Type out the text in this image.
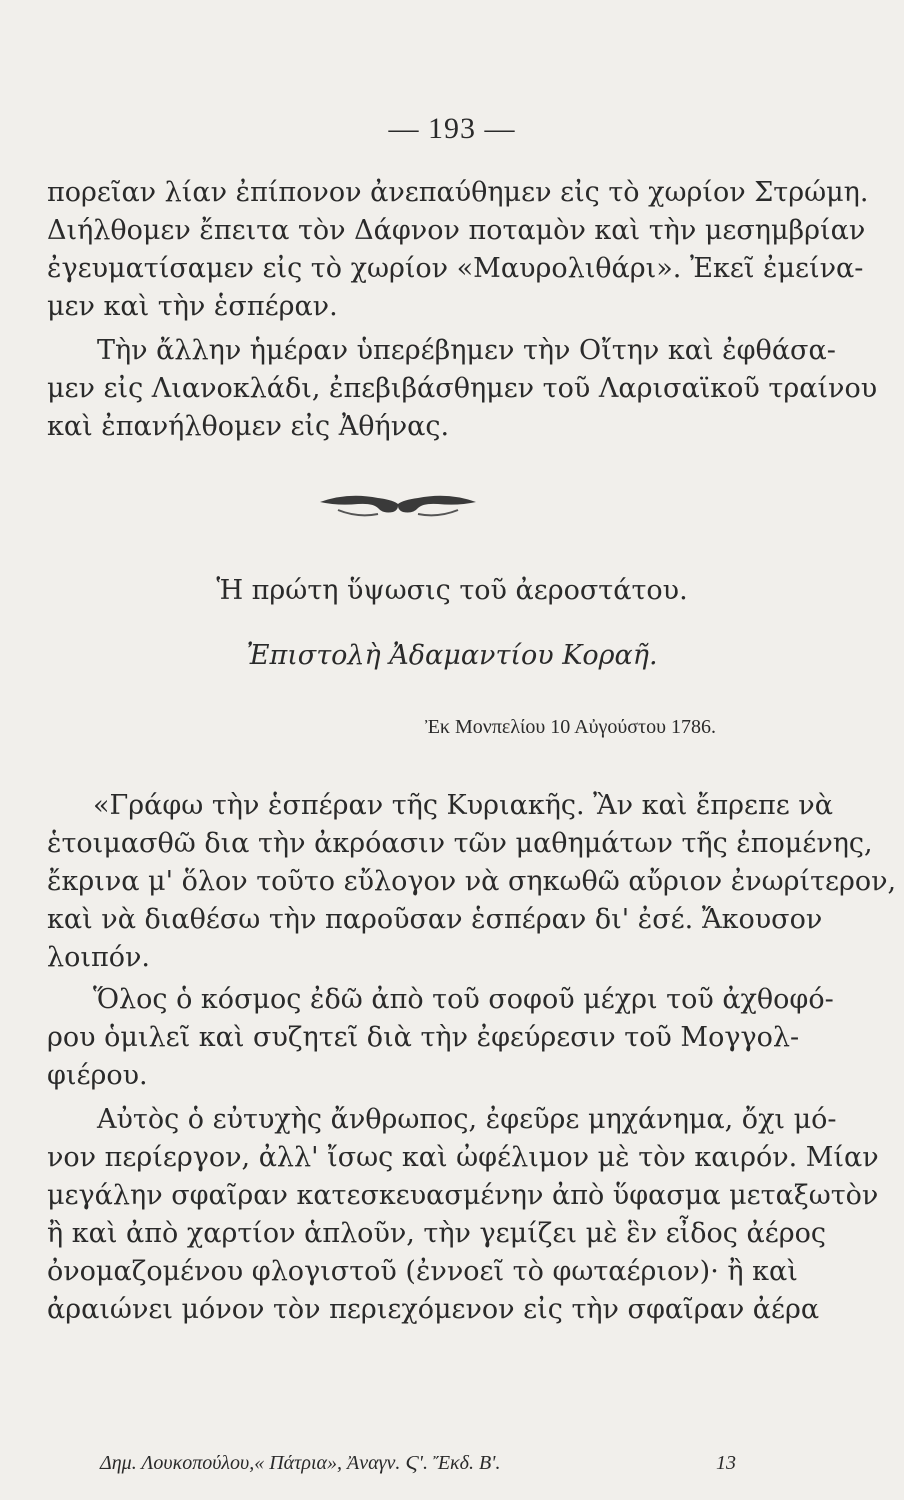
— 193 —
πορεῖαν λίαν ἐπίπονον ἀνεπαύθημεν εἰς τὸ χωρίον Στρώμη.
Διήλθομεν ἔπειτα τὸν Δάφνον ποταμὸν καὶ τὴν μεσημβρίαν
ἐγευματίσαμεν εἰς τὸ χωρίον «Μαυρολιθάρι». Ἐκεῖ ἐμείνα-
μεν καὶ τὴν ἑσπέραν.
Τὴν ἄλλην ἡμέραν ὑπερέβημεν τὴν Οἴτην καὶ ἐφθάσα-
μεν εἰς Λιανοκλάδι, ἐπεβιβάσθημεν τοῦ Λαρισαϊκοῦ τραίνου
καὶ ἐπανήλθομεν εἰς Ἀθήνας.
Ἡ πρώτη ὕψωσις τοῦ ἀεροστάτου.
Ἐπιστολὴ Ἀδαμαντίου Κοραῆ.
Ἐκ Μονπελίου 10 Αὐγούστου 1786.
«Γράφω τὴν ἑσπέραν τῆς Κυριακῆς. Ἂν καὶ ἔπρεπε νὰ
ἑτοιμασθῶ δια τὴν ἀκρόασιν τῶν μαθημάτων τῆς ἐπομένης,
ἔκρινα μ' ὅλον τοῦτο εὔλογον νὰ σηκωθῶ αὔριον ἐνωρίτερον,
καὶ νὰ διαθέσω τὴν παροῦσαν ἑσπέραν δι' ἐσέ. Ἄκουσον
λοιπόν.
Ὅλος ὁ κόσμος ἐδῶ ἀπὸ τοῦ σοφοῦ μέχρι τοῦ ἀχθοφό-
ρου ὁμιλεῖ καὶ συζητεῖ διὰ τὴν ἐφεύρεσιν τοῦ Μογγολ-
φιέρου.
Αὐτὸς ὁ εὐτυχὴς ἄνθρωπος, ἐφεῦρε μηχάνημα, ὄχι μό-
νον περίεργον, ἀλλ' ἴσως καὶ ὠφέλιμον μὲ τὸν καιρόν. Μίαν
μεγάλην σφαῖραν κατεσκευασμένην ἀπὸ ὕφασμα μεταξωτὸν
ἢ καὶ ἀπὸ χαρτίον ἁπλοῦν, τὴν γεμίζει μὲ ἓν εἶδος ἀέρος
ὀνομαζομένου φλογιστοῦ (ἐννοεῖ τὸ φωταέριον)· ἢ καὶ
ἀραιώνει μόνον τὸν περιεχόμενον εἰς τὴν σφαῖραν ἀέρα
Δημ. Λουκοπούλου,« Πάτρια», Ἀναγν. Ϛ'. Ἔκδ. Β'.	13
